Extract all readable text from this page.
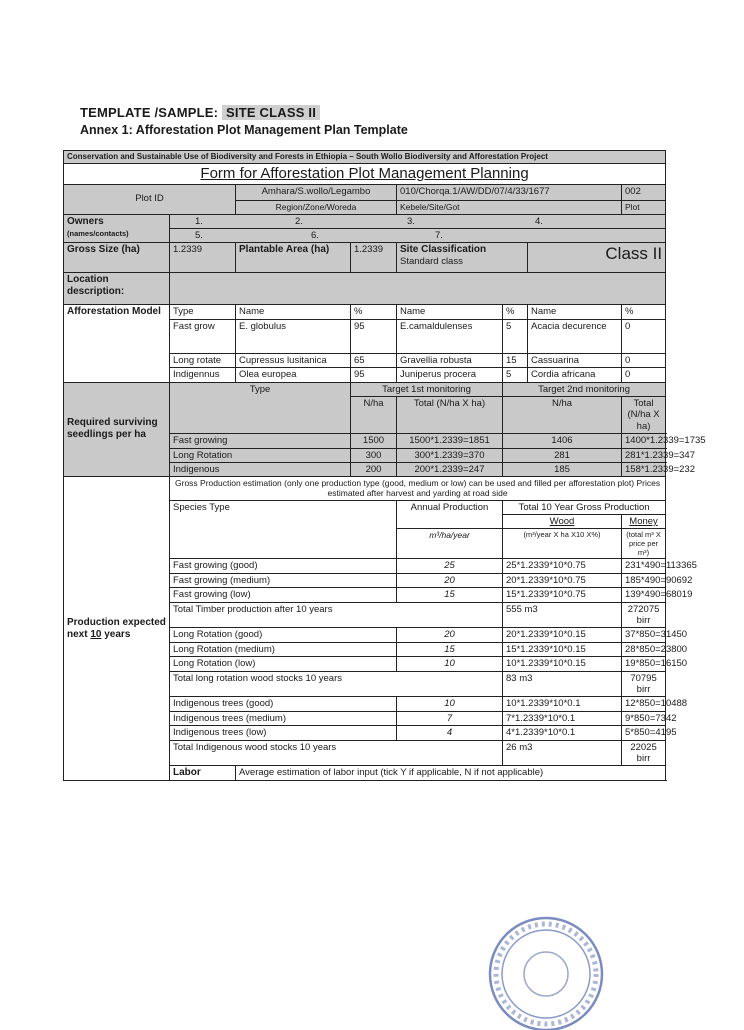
TEMPLATE /SAMPLE: SITE CLASS II
Annex 1: Afforestation Plot Management Plan Template
Conservation and Sustainable Use of Biodiversity and Forests in Ethiopia – South Wollo Biodiversity and Afforestation Project							
Form for Afforestation Plot Management Planning							
Plot ID		Amhara/S.wollo/Legambo		010/Chorqa.1/AW/DD/07/4/33/1677			002
		Region/Zone/Woreda		Kebele/Site/Got			Plot
Owners
(names/contacts)	1. 2. 3. 4.						
	5. 6. 7.						
Gross Size (ha)	1.2339	Plantable Area (ha)	1.2339	Site Classification
Standard class		Class II	
Location description:							
Afforestation Model	Type	Name	%	Name	%	Name	%
	Fast grow	E. globulus	95	E.camaldulenses	5	Acacia decurence	0
	Long rotate	Cupressus lusitanica	65	Gravellia robusta	15	Cassuarina	0
	Indigennus	Olea europea	95	Juniperus procera	5	Cordia africana	0
Required surviving seedlings per ha	Type		Target 1st monitoring		Target 2nd monitoring		
			N/ha	Total (N/ha X ha)	N/ha		Total (N/ha X ha)
	Fast growing		1500	1500*1.2339=1851	1406		1400*1.2339=1735
	Long Rotation		300	300*1.2339=370	281		281*1.2339=347
	Indigenous		200	200*1.2339=247	185		158*1.2339=232
Production expected next 10 years	Gross Production estimation (only one production type (good, medium or low) can be used and filled per afforestation plot) Prices estimated after harvest and yarding at road side						
	Species Type			Annual Production	Total 10 Year Gross Production		
					Wood		Money
				m³/ha/year	(m³/year X ha X10 X%)		(total m³ X price per m³)
	Fast growing (good)			25	25*1.2339*10*0.75		231*490=113365
	Fast growing (medium)			20	20*1.2339*10*0.75		185*490=90692
	Fast growing (low)			15	15*1.2339*10*0.75		139*490=68019
	Total Timber production after 10 years				555 m3		272075 birr
	Long Rotation (good)			20	20*1.2339*10*0.15		37*850=31450
	Long Rotation (medium)			15	15*1.2339*10*0.15		28*850=23800
	Long Rotation (low)			10	10*1.2339*10*0.15		19*850=16150
	Total long rotation wood stocks 10 years				83 m3		70795 birr
	Indigenous trees (good)			10	10*1.2339*10*0.1		12*850=10488
	Indigenous trees (medium)			7	7*1.2339*10*0.1		9*850=7342
	Indigenous trees (low)			4	4*1.2339*10*0.1		5*850=4195
	Total Indigenous wood stocks 10 years				26 m3		22025 birr
	Labor	Average estimation of labor input (tick Y if applicable, N if not applicable)					
